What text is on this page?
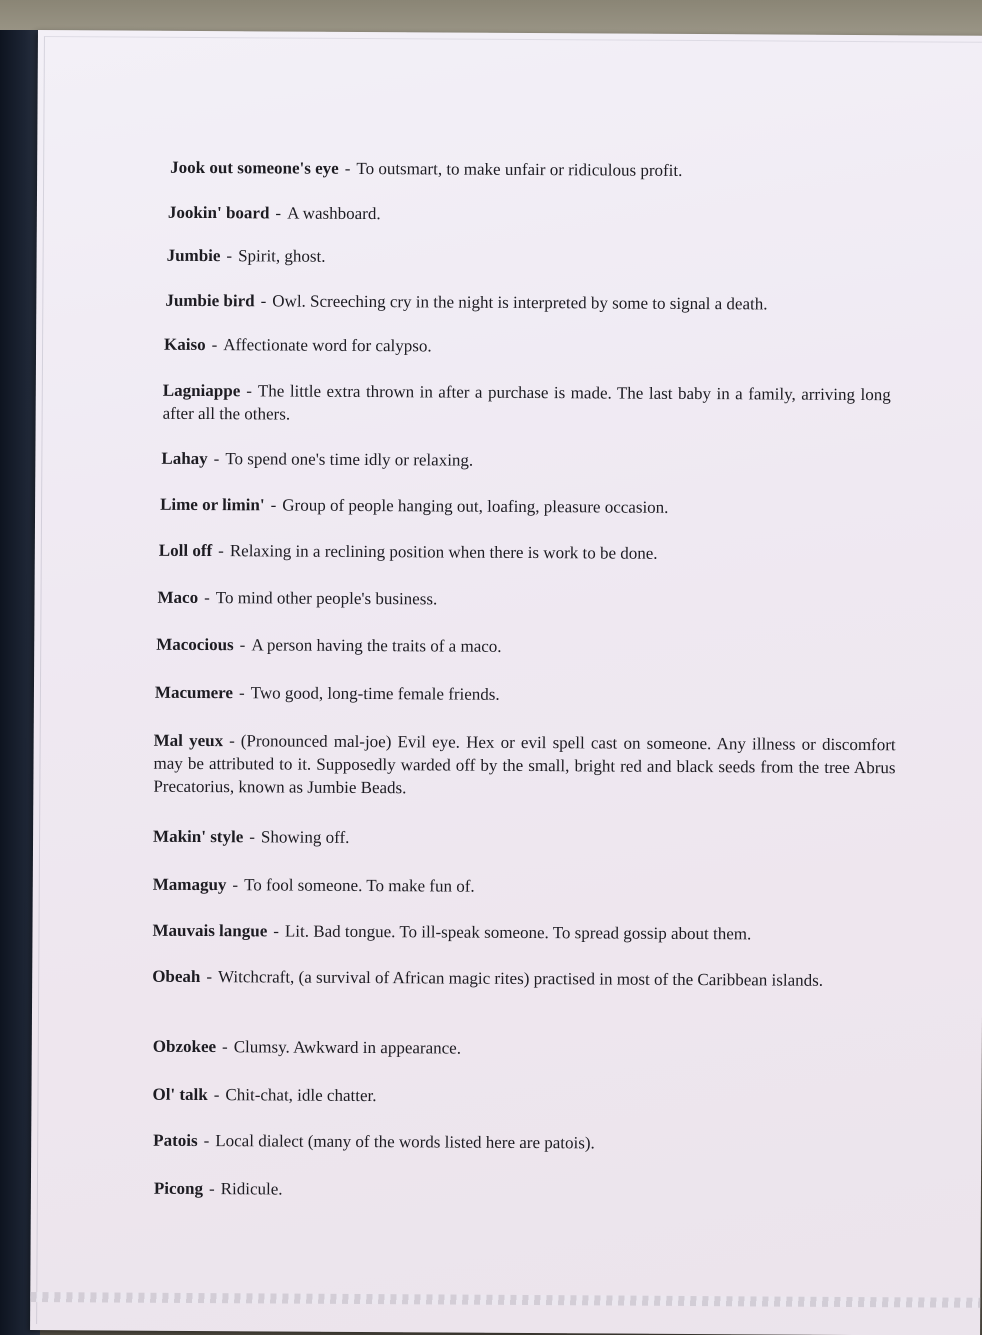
Jook out someone's eye - To outsmart, to make unfair or ridiculous profit.
Jookin' board - A washboard.
Jumbie - Spirit, ghost.
Jumbie bird - Owl. Screeching cry in the night is interpreted by some to signal a death.
Kaiso - Affectionate word for calypso.
Lagniappe - The little extra thrown in after a purchase is made. The last baby in a family, arriving long after all the others.
Lahay - To spend one's time idly or relaxing.
Lime or limin' - Group of people hanging out, loafing, pleasure occasion.
Loll off - Relaxing in a reclining position when there is work to be done.
Maco - To mind other people's business.
Macocious - A person having the traits of a maco.
Macumere - Two good, long-time female friends.
Mal yeux - (Pronounced mal-joe) Evil eye. Hex or evil spell cast on someone. Any illness or discomfort may be attributed to it. Supposedly warded off by the small, bright red and black seeds from the tree Abrus Precatorius, known as Jumbie Beads.
Makin' style - Showing off.
Mamaguy - To fool someone. To make fun of.
Mauvais langue - Lit. Bad tongue. To ill-speak someone. To spread gossip about them.
Obeah - Witchcraft, (a survival of African magic rites) practised in most of the Caribbean islands.
Obzokee - Clumsy. Awkward in appearance.
Ol' talk - Chit-chat, idle chatter.
Patois - Local dialect (many of the words listed here are patois).
Picong - Ridicule.
